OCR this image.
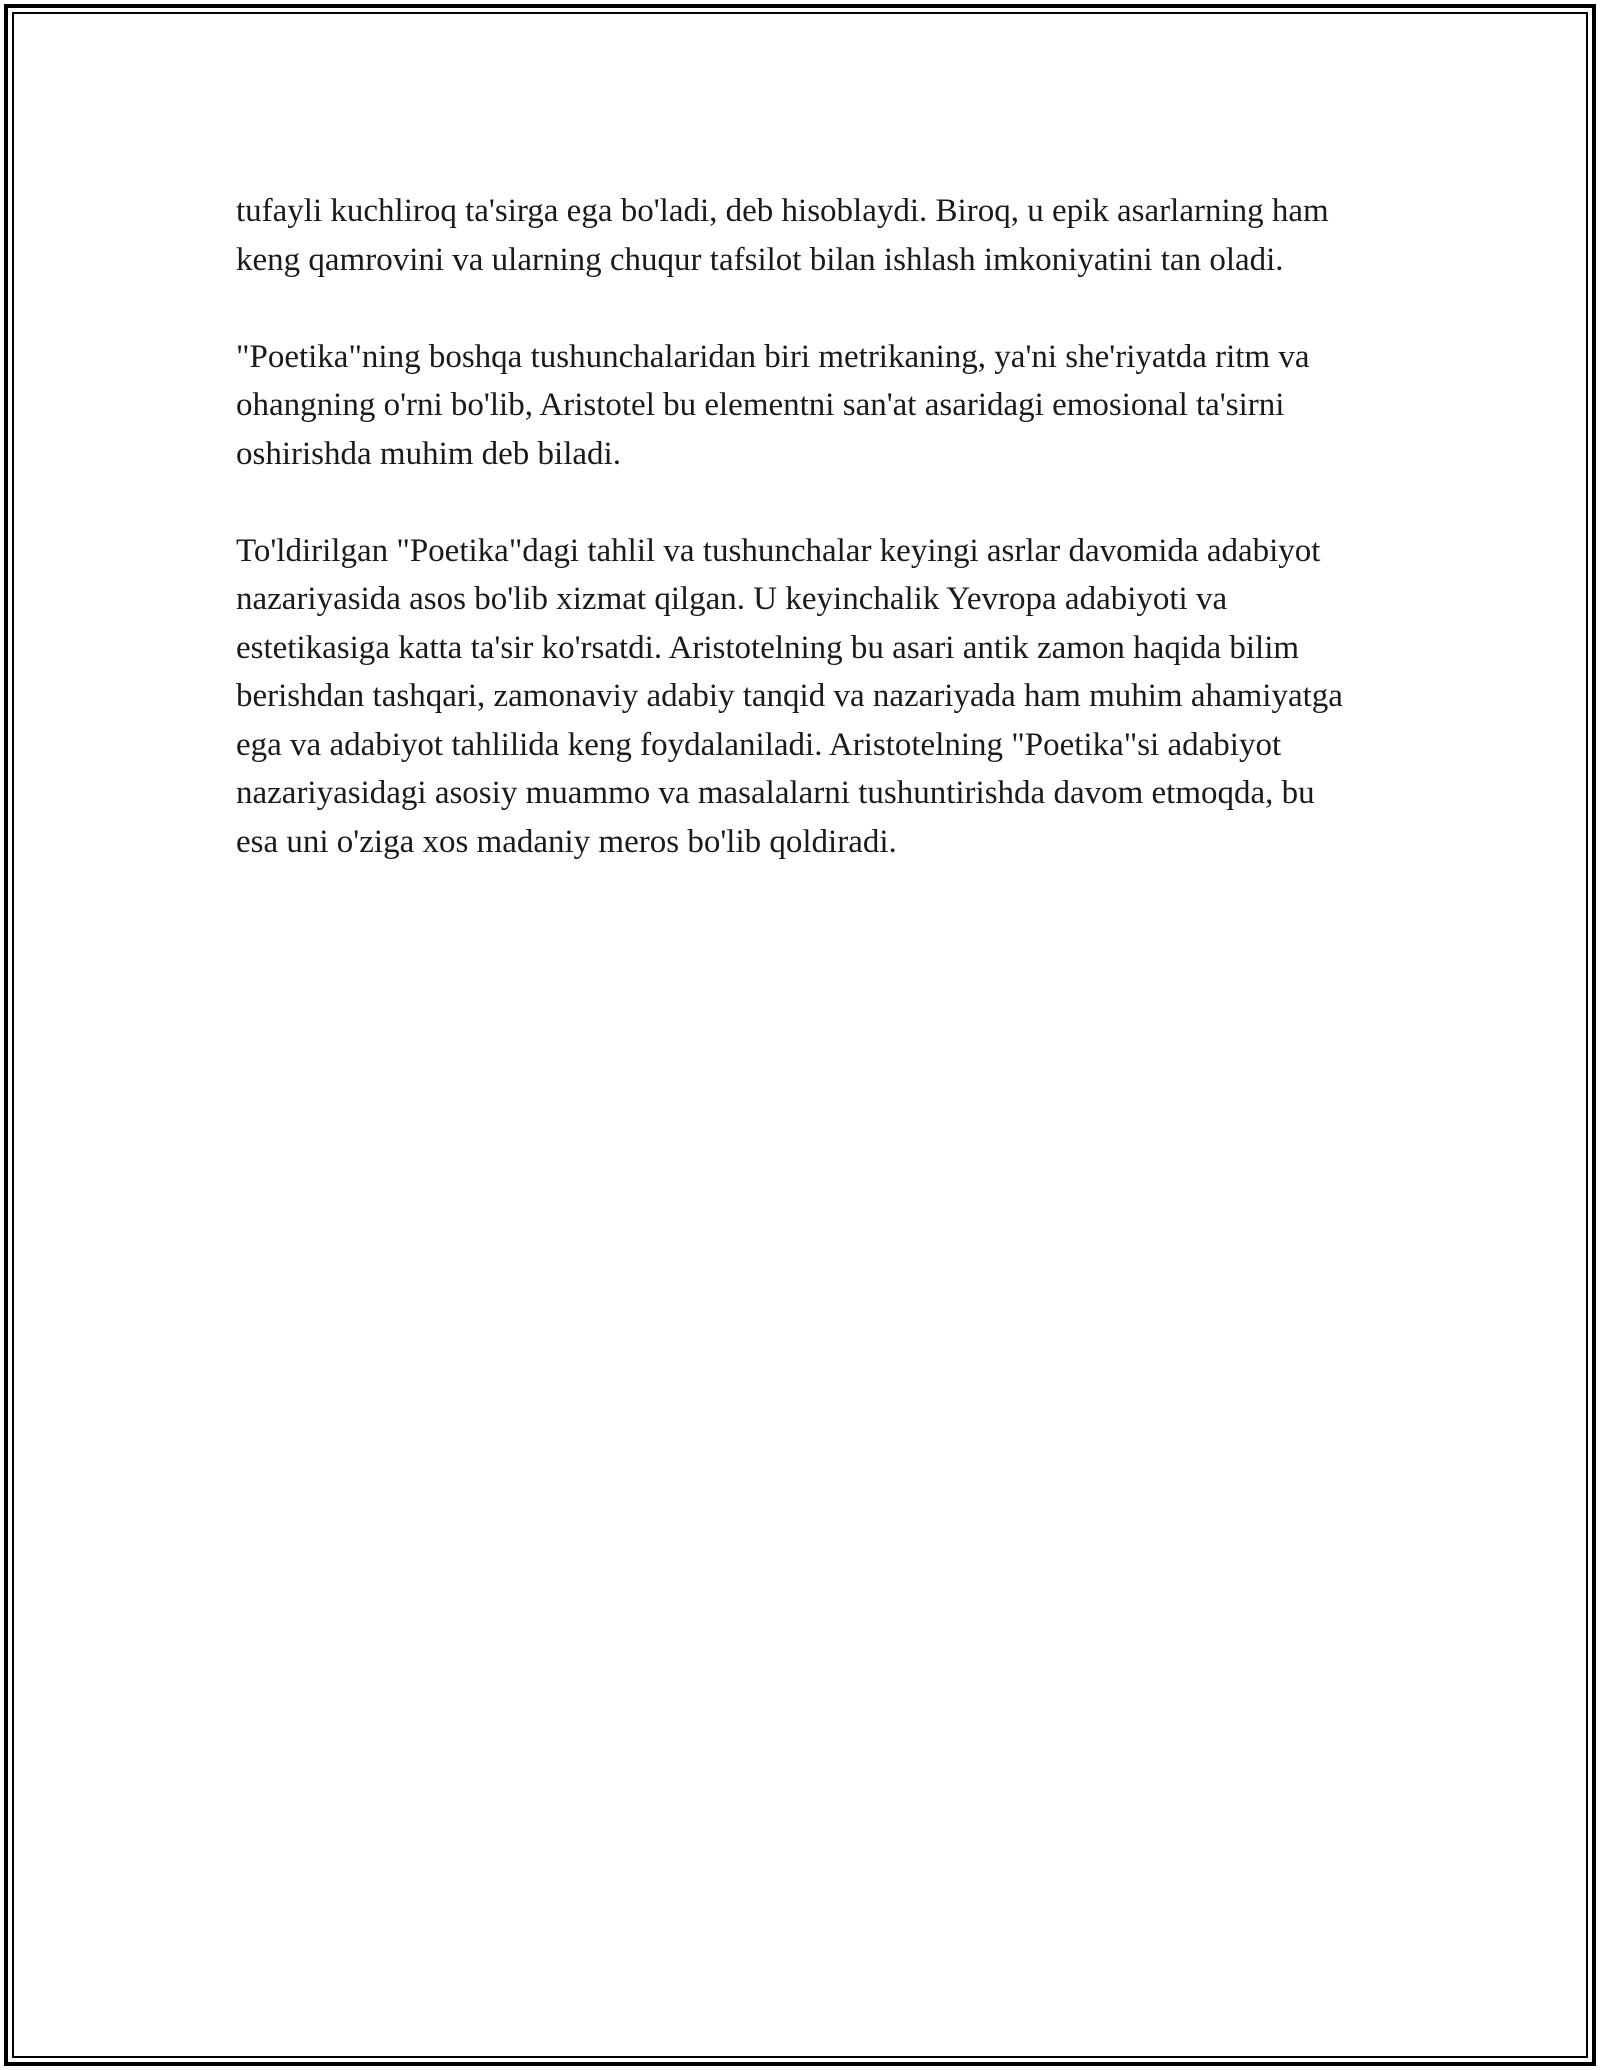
tufayli kuchliroq ta'sirga ega bo'ladi, deb hisoblaydi. Biroq, u epik asarlarning ham keng qamrovini va ularning chuqur tafsilot bilan ishlash imkoniyatini tan oladi.

"Poetika"ning boshqa tushunchalaridan biri metrikaning, ya'ni she'riyatda ritm va ohangning o'rni bo'lib, Aristotel bu elementni san'at asaridagi emosional ta'sirni oshirishda muhim deb biladi.

To'ldirilgan "Poetika"dagi tahlil va tushunchalar keyingi asrlar davomida adabiyot nazariyasida asos bo'lib xizmat qilgan. U keyinchalik Yevropa adabiyoti va estetikasiga katta ta'sir ko'rsatdi. Aristotelning bu asari antik zamon haqida bilim berishdan tashqari, zamonaviy adabiy tanqid va nazariyada ham muhim ahamiyatga ega va adabiyot tahlilida keng foydalaniladi. Aristotelning "Poetika"si adabiyot nazariyasidagi asosiy muammo va masalalarni tushuntirishda davom etmoqda, bu esa uni o'ziga xos madaniy meros bo'lib qoldiradi.
